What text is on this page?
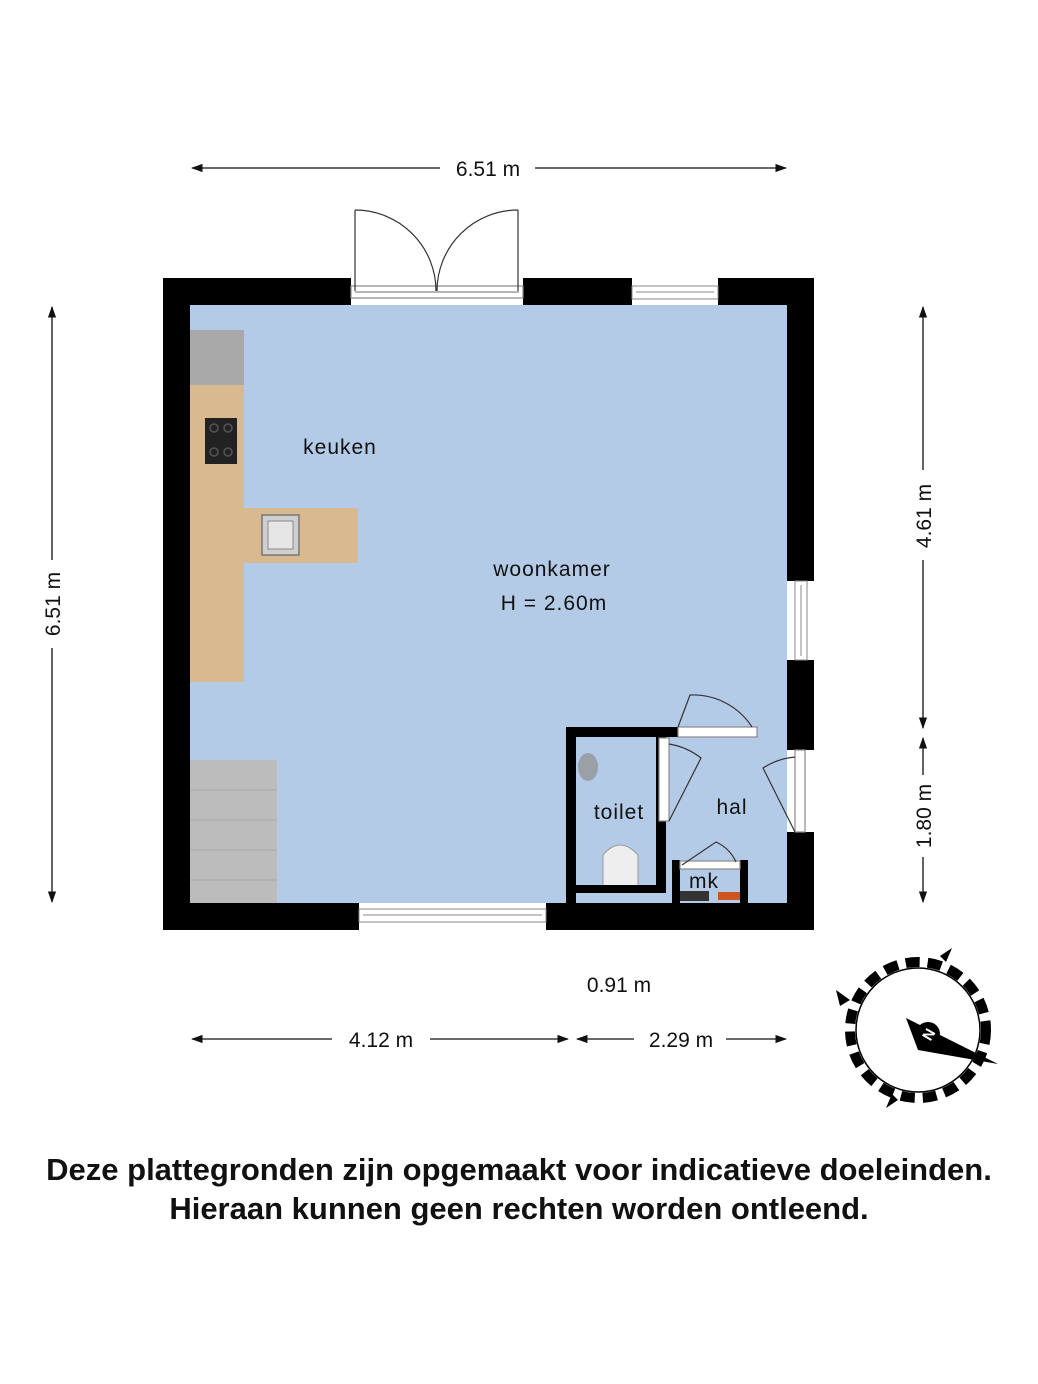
6.51 m
6.51 m
4.61 m
1.80 m
0.91 m
4.12 m	2.29 m
keuken
woonkamer
H = 2.60m
toilet	hal
mk
N
Deze plattegronden zijn opgemaakt voor indicatieve doeleinden.
Hieraan kunnen geen rechten worden ontleend.
